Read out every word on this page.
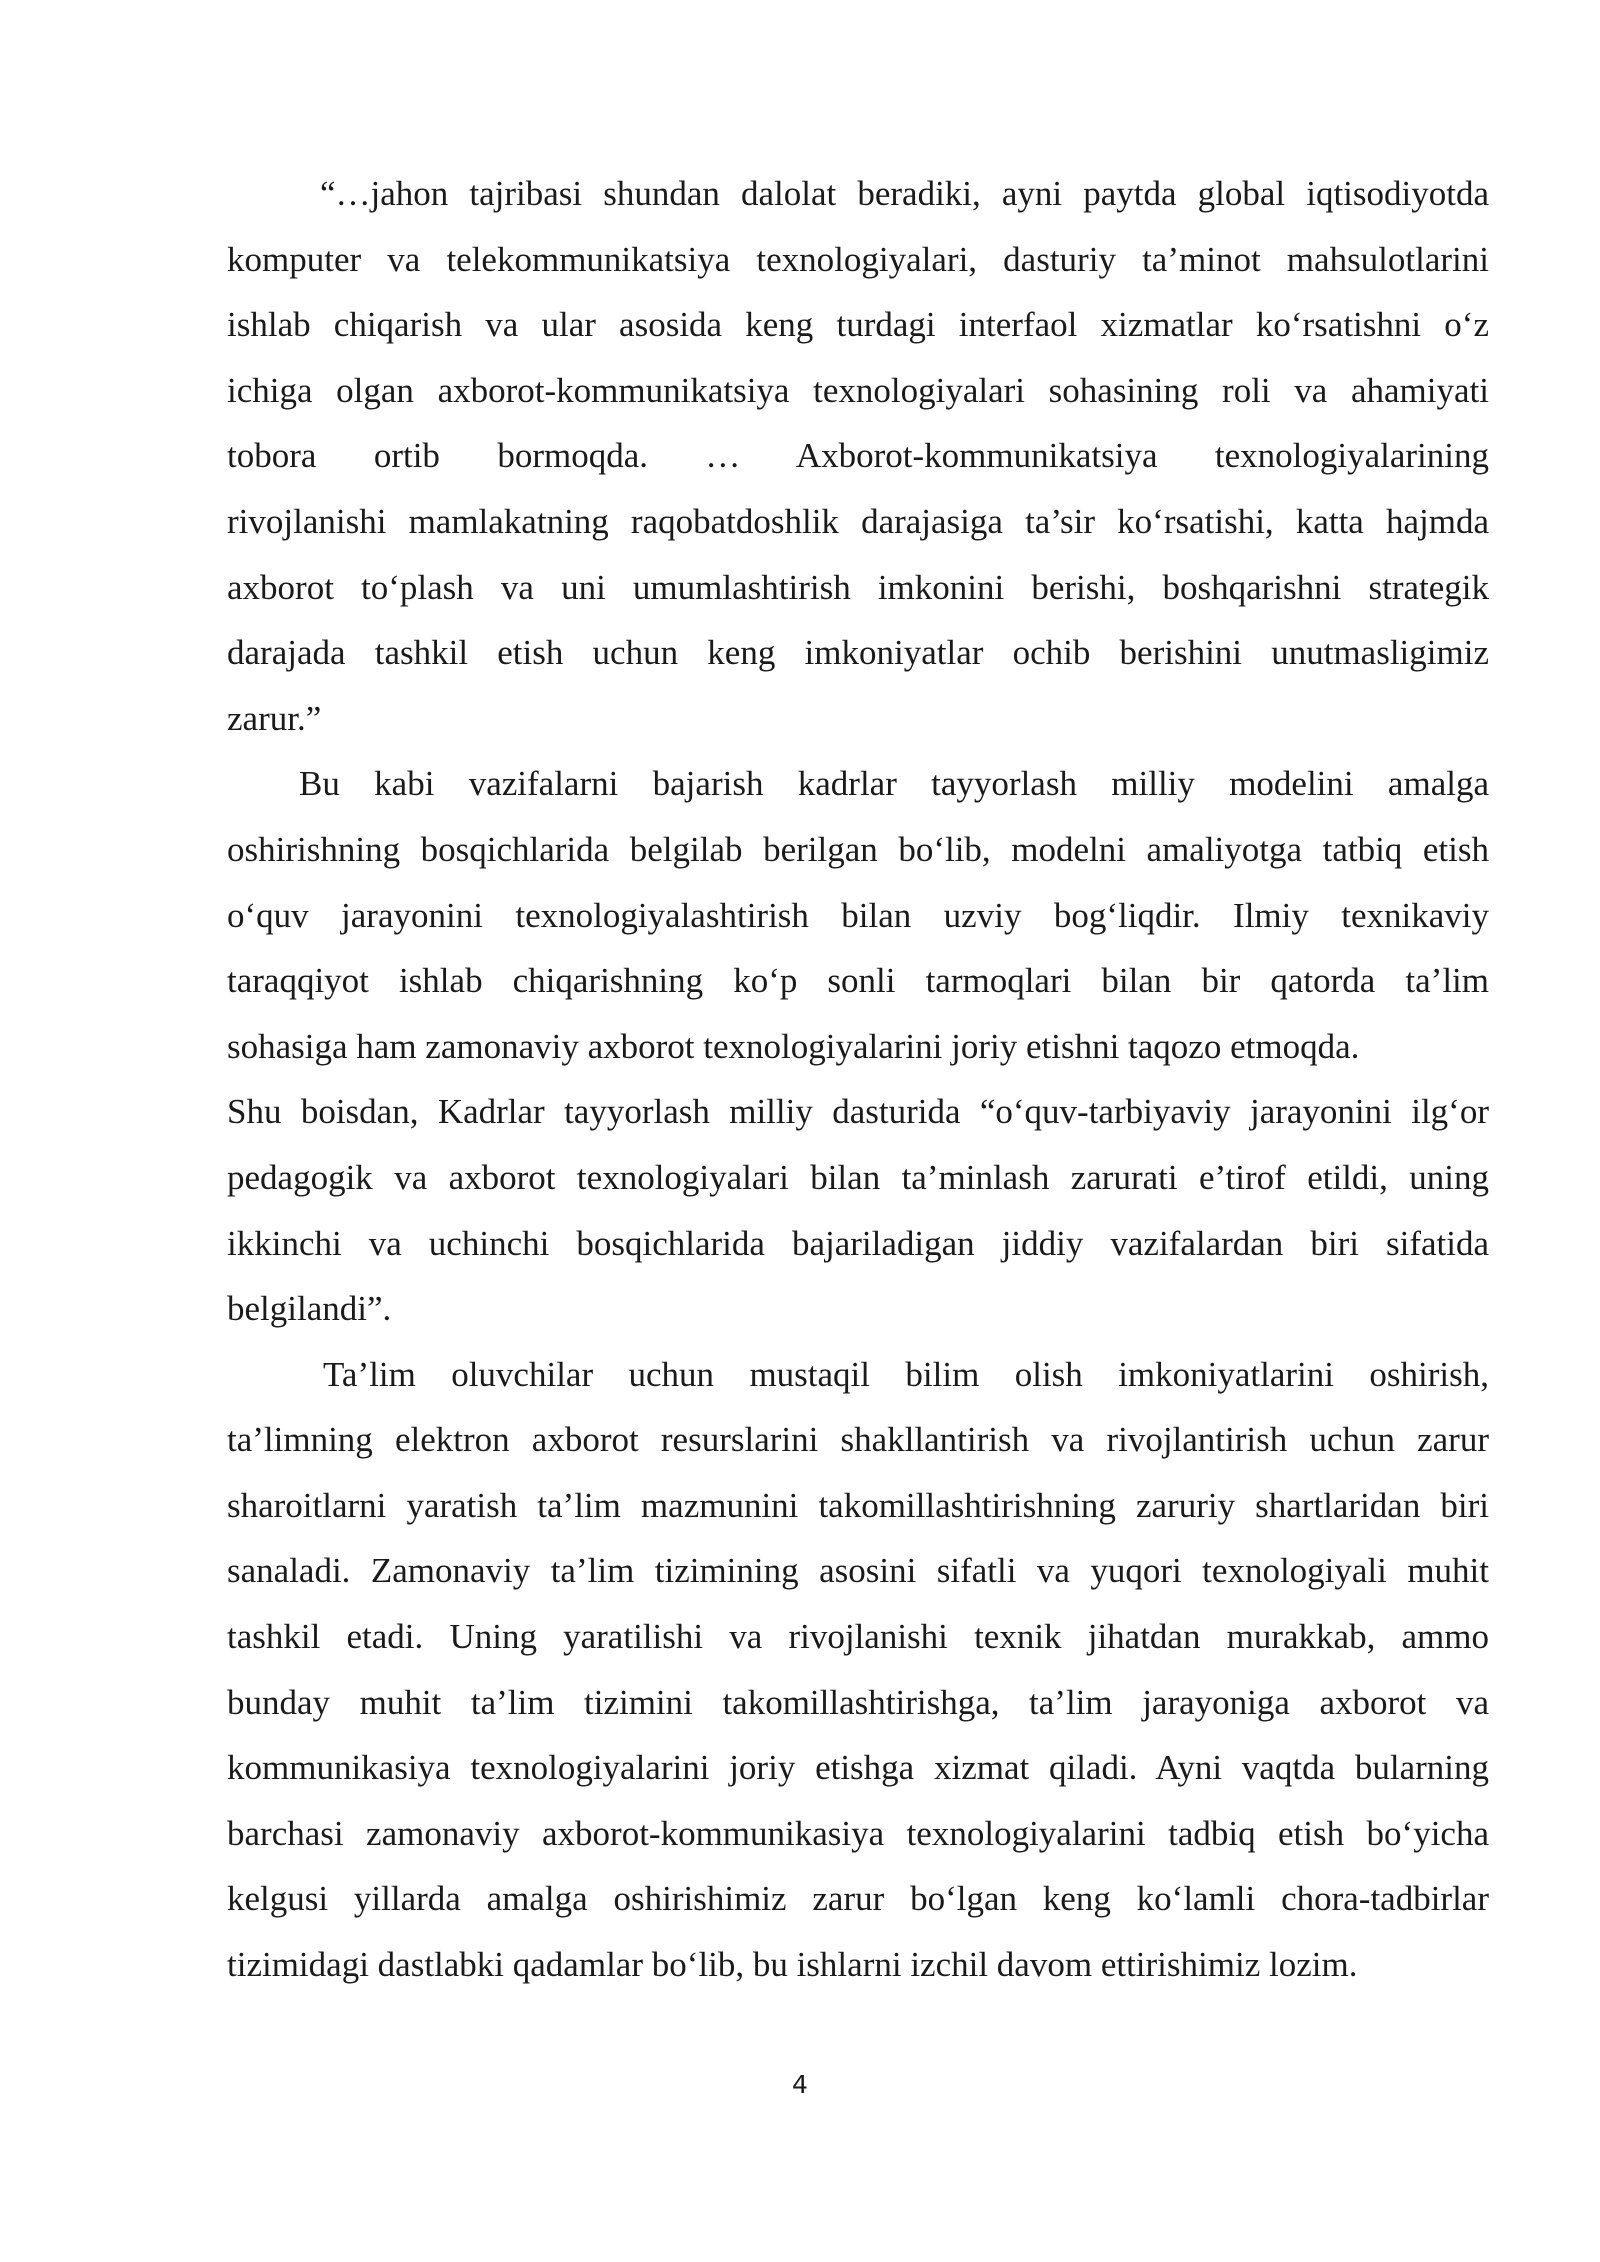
“…jahon tajribasi shundan dalolat beradiki, ayni paytda global iqtisodiyotda
komputer va telekommunikatsiya texnologiyalari, dasturiy ta’minot mahsulotlarini
ishlab chiqarish va ular asosida keng turdagi interfaol xizmatlar ko‘rsatishni o‘z
ichiga olgan axborot-kommunikatsiya texnologiyalari sohasining roli va ahamiyati
tobora ortib bormoqda. … Axborot-kommunikatsiya texnologiyalarining
rivojlanishi mamlakatning raqobatdoshlik darajasiga ta’sir ko‘rsatishi, katta hajmda
axborot to‘plash va uni umumlashtirish imkonini berishi, boshqarishni strategik
darajada tashkil etish uchun keng imkoniyatlar ochib berishini unutmasligimiz
zarur.”
Bu kabi vazifalarni bajarish kadrlar tayyorlash milliy modelini amalga
oshirishning bosqichlarida belgilab berilgan bo‘lib, modelni amaliyotga tatbiq etish
o‘quv jarayonini texnologiyalashtirish bilan uzviy bog‘liqdir. Ilmiy texnikaviy
taraqqiyot ishlab chiqarishning ko‘p sonli tarmoqlari bilan bir qatorda ta’lim
sohasiga ham zamonaviy axborot texnologiyalarini joriy etishni taqozo etmoqda.
Shu boisdan, Kadrlar tayyorlash milliy dasturida “o‘quv-tarbiyaviy jarayonini ilg‘or
pedagogik va axborot texnologiyalari bilan ta’minlash zarurati e’tirof etildi, uning
ikkinchi va uchinchi bosqichlarida bajariladigan jiddiy vazifalardan biri sifatida
belgilandi”.
Ta’lim oluvchilar uchun mustaqil bilim olish imkoniyatlarini oshirish,
ta’limning elektron axborot resurslarini shakllantirish va rivojlantirish uchun zarur
sharoitlarni yaratish ta’lim mazmunini takomillashtirishning zaruriy shartlaridan biri
sanaladi. Zamonaviy ta’lim tizimining asosini sifatli va yuqori texnologiyali muhit
tashkil etadi. Uning yaratilishi va rivojlanishi texnik jihatdan murakkab, ammo
bunday muhit ta’lim tizimini takomillashtirishga, ta’lim jarayoniga axborot va
kommunikasiya texnologiyalarini joriy etishga xizmat qiladi. Ayni vaqtda bularning
barchasi zamonaviy axborot-kommunikasiya texnologiyalarini tadbiq etish bo‘yicha
kelgusi yillarda amalga oshirishimiz zarur bo‘lgan keng ko‘lamli chora-tadbirlar
tizimidagi dastlabki qadamlar bo‘lib, bu ishlarni izchil davom ettirishimiz lozim.
4
